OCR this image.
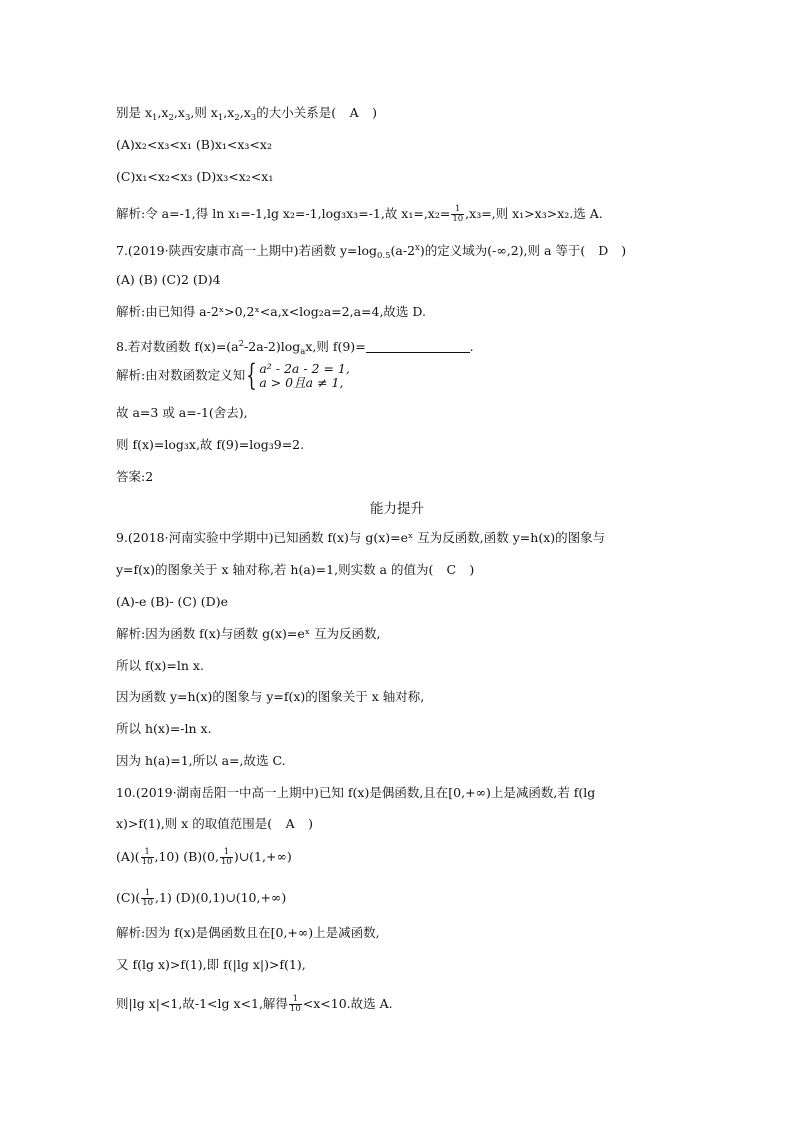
别是 $x_1,x_2,x_3$,则 $x_1,x_2,x_3$的大小关系是( A )
(A)x₂<x₃<x₁ (B)x₁<x₃<x₂
(C)x₁<x₂<x₃ (D)x₃<x₂<x₁
解析:令 a=-1,得 ln x₁=-1,lg x₂=-1,log₃x₃=-1,故 $x_1=,x_2= \frac{1}{10} ,x_3=$,则 x₁>x₃>x₂.选 A.
7.(2019·陕西安康市高一上期中)若函数 $y=\log_{0.5}(a-2^x)$的定义域为(-∞,2),则 a 等于( D )
(A) (B) (C)2 (D)4
解析:由已知得 a-2ˣ>0,2ˣ<a,x<log₂a=2,a=4,故选 D.
8.若对数函数 $f(x)=(a^2-2a-2)\log_ax$,则 f(9)=	.
解析:由对数函数定义知{ a² - 2a - 2 = 1,
a > 0且a ≠ 1,
故 a=3 或 a=-1(舍去),
则 f(x)=log₃x,故 f(9)=log₃9=2.
答案:2
能力提升
9.(2018·河南实验中学期中)已知函数 f(x)与 g(x)=eˣ 互为反函数,函数 y=h(x)的图象与
y=f(x)的图象关于 x 轴对称,若 h(a)=1,则实数 a 的值为( C )
(A)-e (B)- (C) (D)e
解析:因为函数 f(x)与函数 g(x)=eˣ 互为反函数,
所以 f(x)=ln x.
因为函数 y=h(x)的图象与 y=f(x)的图象关于 x 轴对称,
所以 h(x)=-ln x.
因为 h(a)=1,所以 a=,故选 C.
10.(2019·湖南岳阳一中高一上期中)已知 f(x)是偶函数,且在[0,+∞)上是减函数,若 f(lg
x)>f(1),则 x 的取值范围是( A )
$(A)( \frac{1}{10} ,10)$ (B)(0, $\frac{1}{10}$ )∪(1,+∞)
$(C)( \frac{1}{10} ,1)$ (D)(0,1)∪(10,+∞)
解析:因为 f(x)是偶函数且在[0,+∞)上是减函数,
又 f(lg x)>f(1),即 f(|lg x|)>f(1),
则|lg x|<1,故-1<lg x<1,解得 $\frac{1}{10} <x<10$.故选 A.
